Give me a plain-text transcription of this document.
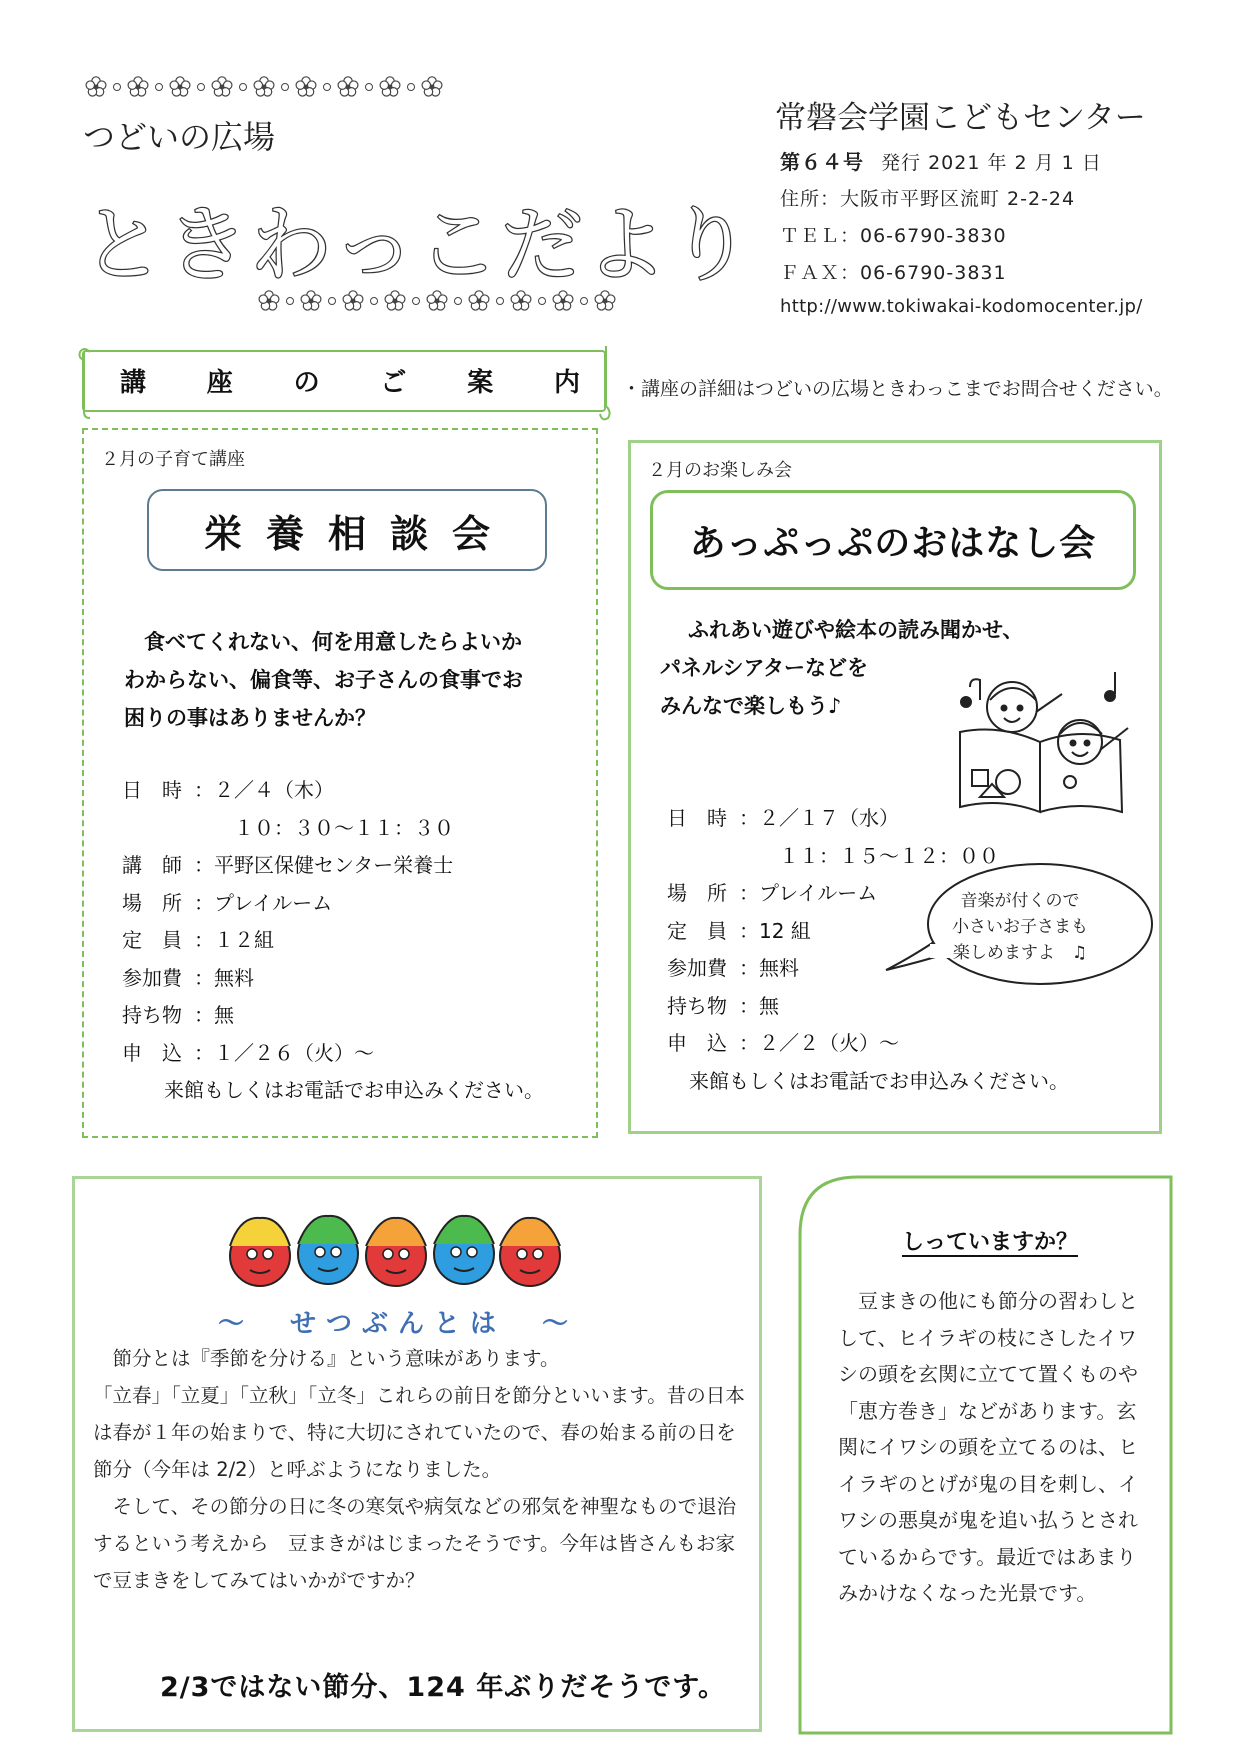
つどいの広場
ときわっこだより
常磐会学園こどもセンター
第６４号 発行 2021 年 2 月 1 日
住所：大阪市平野区流町 2-2-24
ＴＥＬ：06-6790-3830
ＦＡＸ：06-6790-3831
http://www.tokiwakai-kodomocenter.jp/
講 座 の ご 案 内 ・講座の詳細はつどいの広場ときわっこまでお問合せください。
２月の子育て講座
栄養相談会
食べてくれない、何を用意したらよいか
わからない、偏食等、お子さんの食事でお
困りの事はありませんか？
日　時 ： ２／４（木）

　１０：３０～１１：３０
講　師 ： 平野区保健センター栄養士
場　所 ： プレイルーム
定　員 ： １２組
参加費 ： 無料
持ち物 ： 無
申　込 ： １／２６（火）～
来館もしくはお電話でお申込みください。
２月のお楽しみ会
あっぷっぷのおはなし会
ふれあい遊びや絵本の読み聞かせ、
パネルシアターなどを
みんなで楽しもう♪
日　時 ： ２／１７（水）

　１１：１５～１２：００
場　所 ： プレイルーム
定　員 ： 12 組
参加費 ： 無料
持ち物 ： 無
申　込 ： ２／２（火）～
来館もしくはお電話でお申込みください。
音楽が付くので
小さいお子さまも
楽しめますよ　♫
～　せつぶんとは　～

　節分とは『季節を分ける』という意味があります。

「立春」「立夏」「立秋」「立冬」これらの前日を節分といいます。昔の日本は春が１年の始まりで、特に大切にされていたので、春の始まる前の日を節分（今年は 2/2）と呼ぶようになりました。

　そして、その節分の日に冬の寒気や病気などの邪気を神聖なもので退治するという考えから　豆まきがはじまったそうです。今年は皆さんもお家で豆まきをしてみてはいかがですか？

2/3ではない節分、124 年ぶりだそうです。
しっていますか？
　豆まきの他にも節分の習わしとして、ヒイラギの枝にさしたイワシの頭を玄関に立てて置くものや「恵方巻き」などがあります。玄関にイワシの頭を立てるのは、ヒイラギのとげが鬼の目を刺し、イワシの悪臭が鬼を追い払うとされているからです。最近ではあまりみかけなくなった光景です。
